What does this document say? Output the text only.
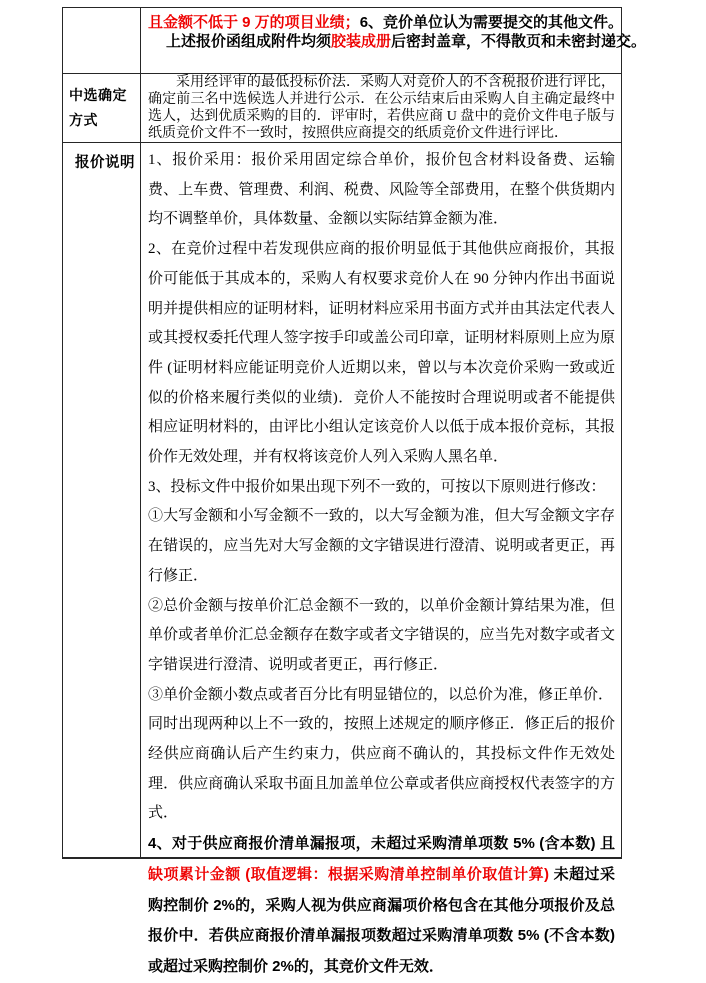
且金额不低于 9 万的项目业绩；6、竞价单位认为需要提交的其他文件。
上述报价函组成附件均须胶装成册后密封盖章，不得散页和未密封递交。
中选确定方式

采用经评审的最低投标价法．采购人对竞价人的不含税报价进行评比，确定前三名中选候选人并进行公示．在公示结束后由采购人自主确定最终中选人，达到优质采购的目的．评审时，若供应商 U 盘中的竞价文件电子版与纸质竞价文件不一致时，按照供应商提交的纸质竞价文件进行评比．

报价说明 1、报价采用：报价采用固定综合单价，报价包含材料设备费、运输费、上车费、管理费、利润、税费、风险等全部费用，在整个供货期内均不调整单价，具体数量、金额以实际结算金额为准．

2、在竞价过程中若发现供应商的报价明显低于其他供应商报价，其报价可能低于其成本的，采购人有权要求竞价人在 90 分钟内作出书面说明并提供相应的证明材料，证明材料应采用书面方式并由其法定代表人或其授权委托代理人签字按手印或盖公司印章，证明材料原则上应为原件 (证明材料应能证明竞价人近期以来，曾以与本次竞价采购一致或近似的价格来履行类似的业绩)．竞价人不能按时合理说明或者不能提供相应证明材料的，由评比小组认定该竞价人以低于成本报价竞标，其报价作无效处理，并有权将该竞价人列入采购人黑名单．

3、投标文件中报价如果出现下列不一致的，可按以下原则进行修改：

①大写金额和小写金额不一致的，以大写金额为准，但大写金额文字存在错误的，应当先对大写金额的文字错误进行澄清、说明或者更正，再行修正．

②总价金额与按单价汇总金额不一致的，以单价金额计算结果为准，但单价或者单价汇总金额存在数字或者文字错误的，应当先对数字或者文字错误进行澄清、说明或者更正，再行修正．

③单价金额小数点或者百分比有明显错位的，以总价为准，修正单价．

同时出现两种以上不一致的，按照上述规定的顺序修正．修正后的报价经供应商确认后产生约束力，供应商不确认的，其投标文件作无效处理．供应商确认采取书面且加盖单位公章或者供应商授权代表签字的方式．

4、对于供应商报价清单漏报项，未超过采购清单项数 5% (含本数) 且缺项累计金额 (取值逻辑：根据采购清单控制单价取值计算) 未超过采购控制价 2%的，采购人视为供应商漏项价格包含在其他分项报价及总报价中．若供应商报价清单漏报项数超过采购清单项数 5% (不含本数) 或超过采购控制价 2%的，其竞价文件无效．
